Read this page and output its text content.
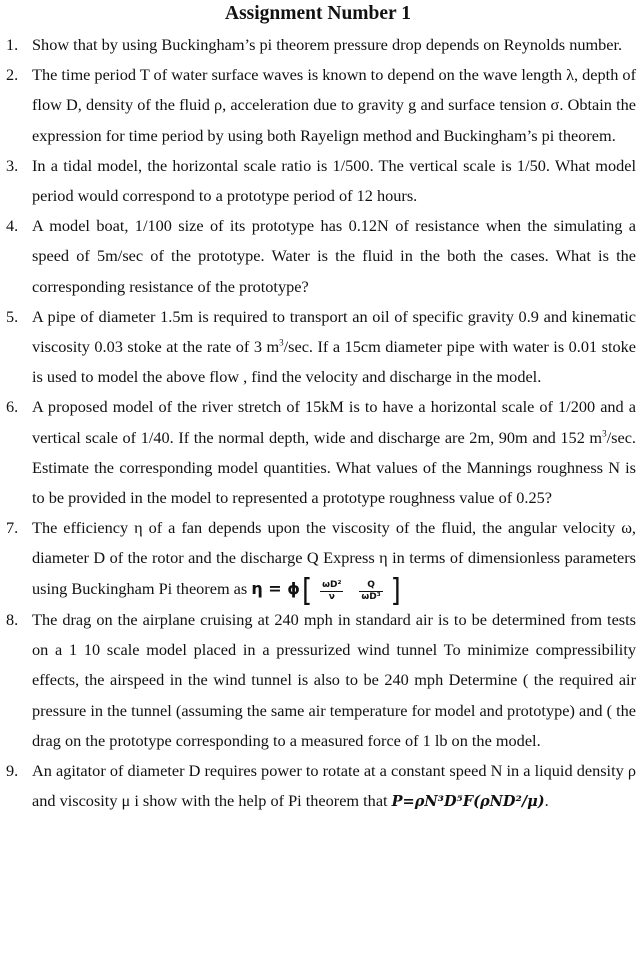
Assignment Number 1
1. Show that by using Buckingham’s pi theorem pressure drop depends on Reynolds number.
2. The time period T of water surface waves is known to depend on the wave length λ, depth of flow D, density of the fluid ρ, acceleration due to gravity g and surface tension σ. Obtain the expression for time period by using both Rayelign method and Buckingham’s pi theorem.
3. In a tidal model, the horizontal scale ratio is 1/500. The vertical scale is 1/50. What model period would correspond to a prototype period of 12 hours.
4. A model boat, 1/100 size of its prototype has 0.12N of resistance when the simulating a speed of 5m/sec of the prototype. Water is the fluid in the both the cases. What is the corresponding resistance of the prototype?
5. A pipe of diameter 1.5m is required to transport an oil of specific gravity 0.9 and kinematic viscosity 0.03 stoke at the rate of 3 $m^3/\sec$. If a 15cm diameter pipe with water is 0.01 stoke is used to model the above flow , find the velocity and discharge in the model.
6. A proposed model of the river stretch of 15kM is to have a horizontal scale of 1/200 and a vertical scale of 1/40. If the normal depth, wide and discharge are 2m, 90m and 152 $m^3/\sec$. Estimate the corresponding model quantities. What values of the Mannings roughness N is to be provided in the model to represented a prototype roughness value of 0.25?
7. The efficiency η of a fan depends upon the viscosity of the fluid, the angular velocity ω, diameter D of the rotor and the discharge Q Express η in terms of dimensionless parameters using Buckingham Pi theorem as $\eta = \phi[ \frac{\text{ωD²}}{\nu} \frac{Q}{\text{ωD³}}$ ]
8. The drag on the airplane cruising at 240 mph in standard air is to be determined from tests on a 1 10 scale model placed in a pressurized wind tunnel To minimize compressibility effects, the airspeed in the wind tunnel is also to be 240 mph Determine ( the required air pressure in the tunnel (assuming the same air temperature for model and prototype) and ( the drag on the prototype corresponding to a measured force of 1 lb on the model.
9. An agitator of diameter D requires power to rotate at a constant speed N in a liquid density ρ and viscosity μ i show with the help of Pi theorem that P=ρN³D⁵F(ρND²/μ).
